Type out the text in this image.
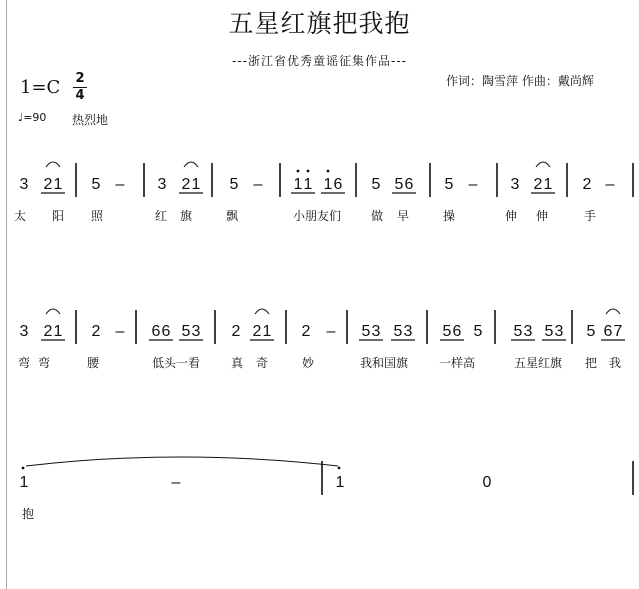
五星红旗把我抱
---浙江省优秀童谣征集作品---
作词：陶雪萍 作曲：戴尚辉
1=C 2
4
♩=90 热烈地
3 2 1 5 – 3 2 1 5 – 1 1 1 6 5 5 6 5 – 3 2 1 2 –
太 阳 照	红 旗	飘	小朋友们 做 早	操	伸 伸	手
3 2 1 2 – 6 6 5 3 2 2 1 2 – 5 3 5 3 5 6 5 5 3 5 3 5 6 7
弯 弯	腰	低头一看	真 奇	妙	我和国旗	一样高	五星红旗 把 我
1	–	1	0
抱
